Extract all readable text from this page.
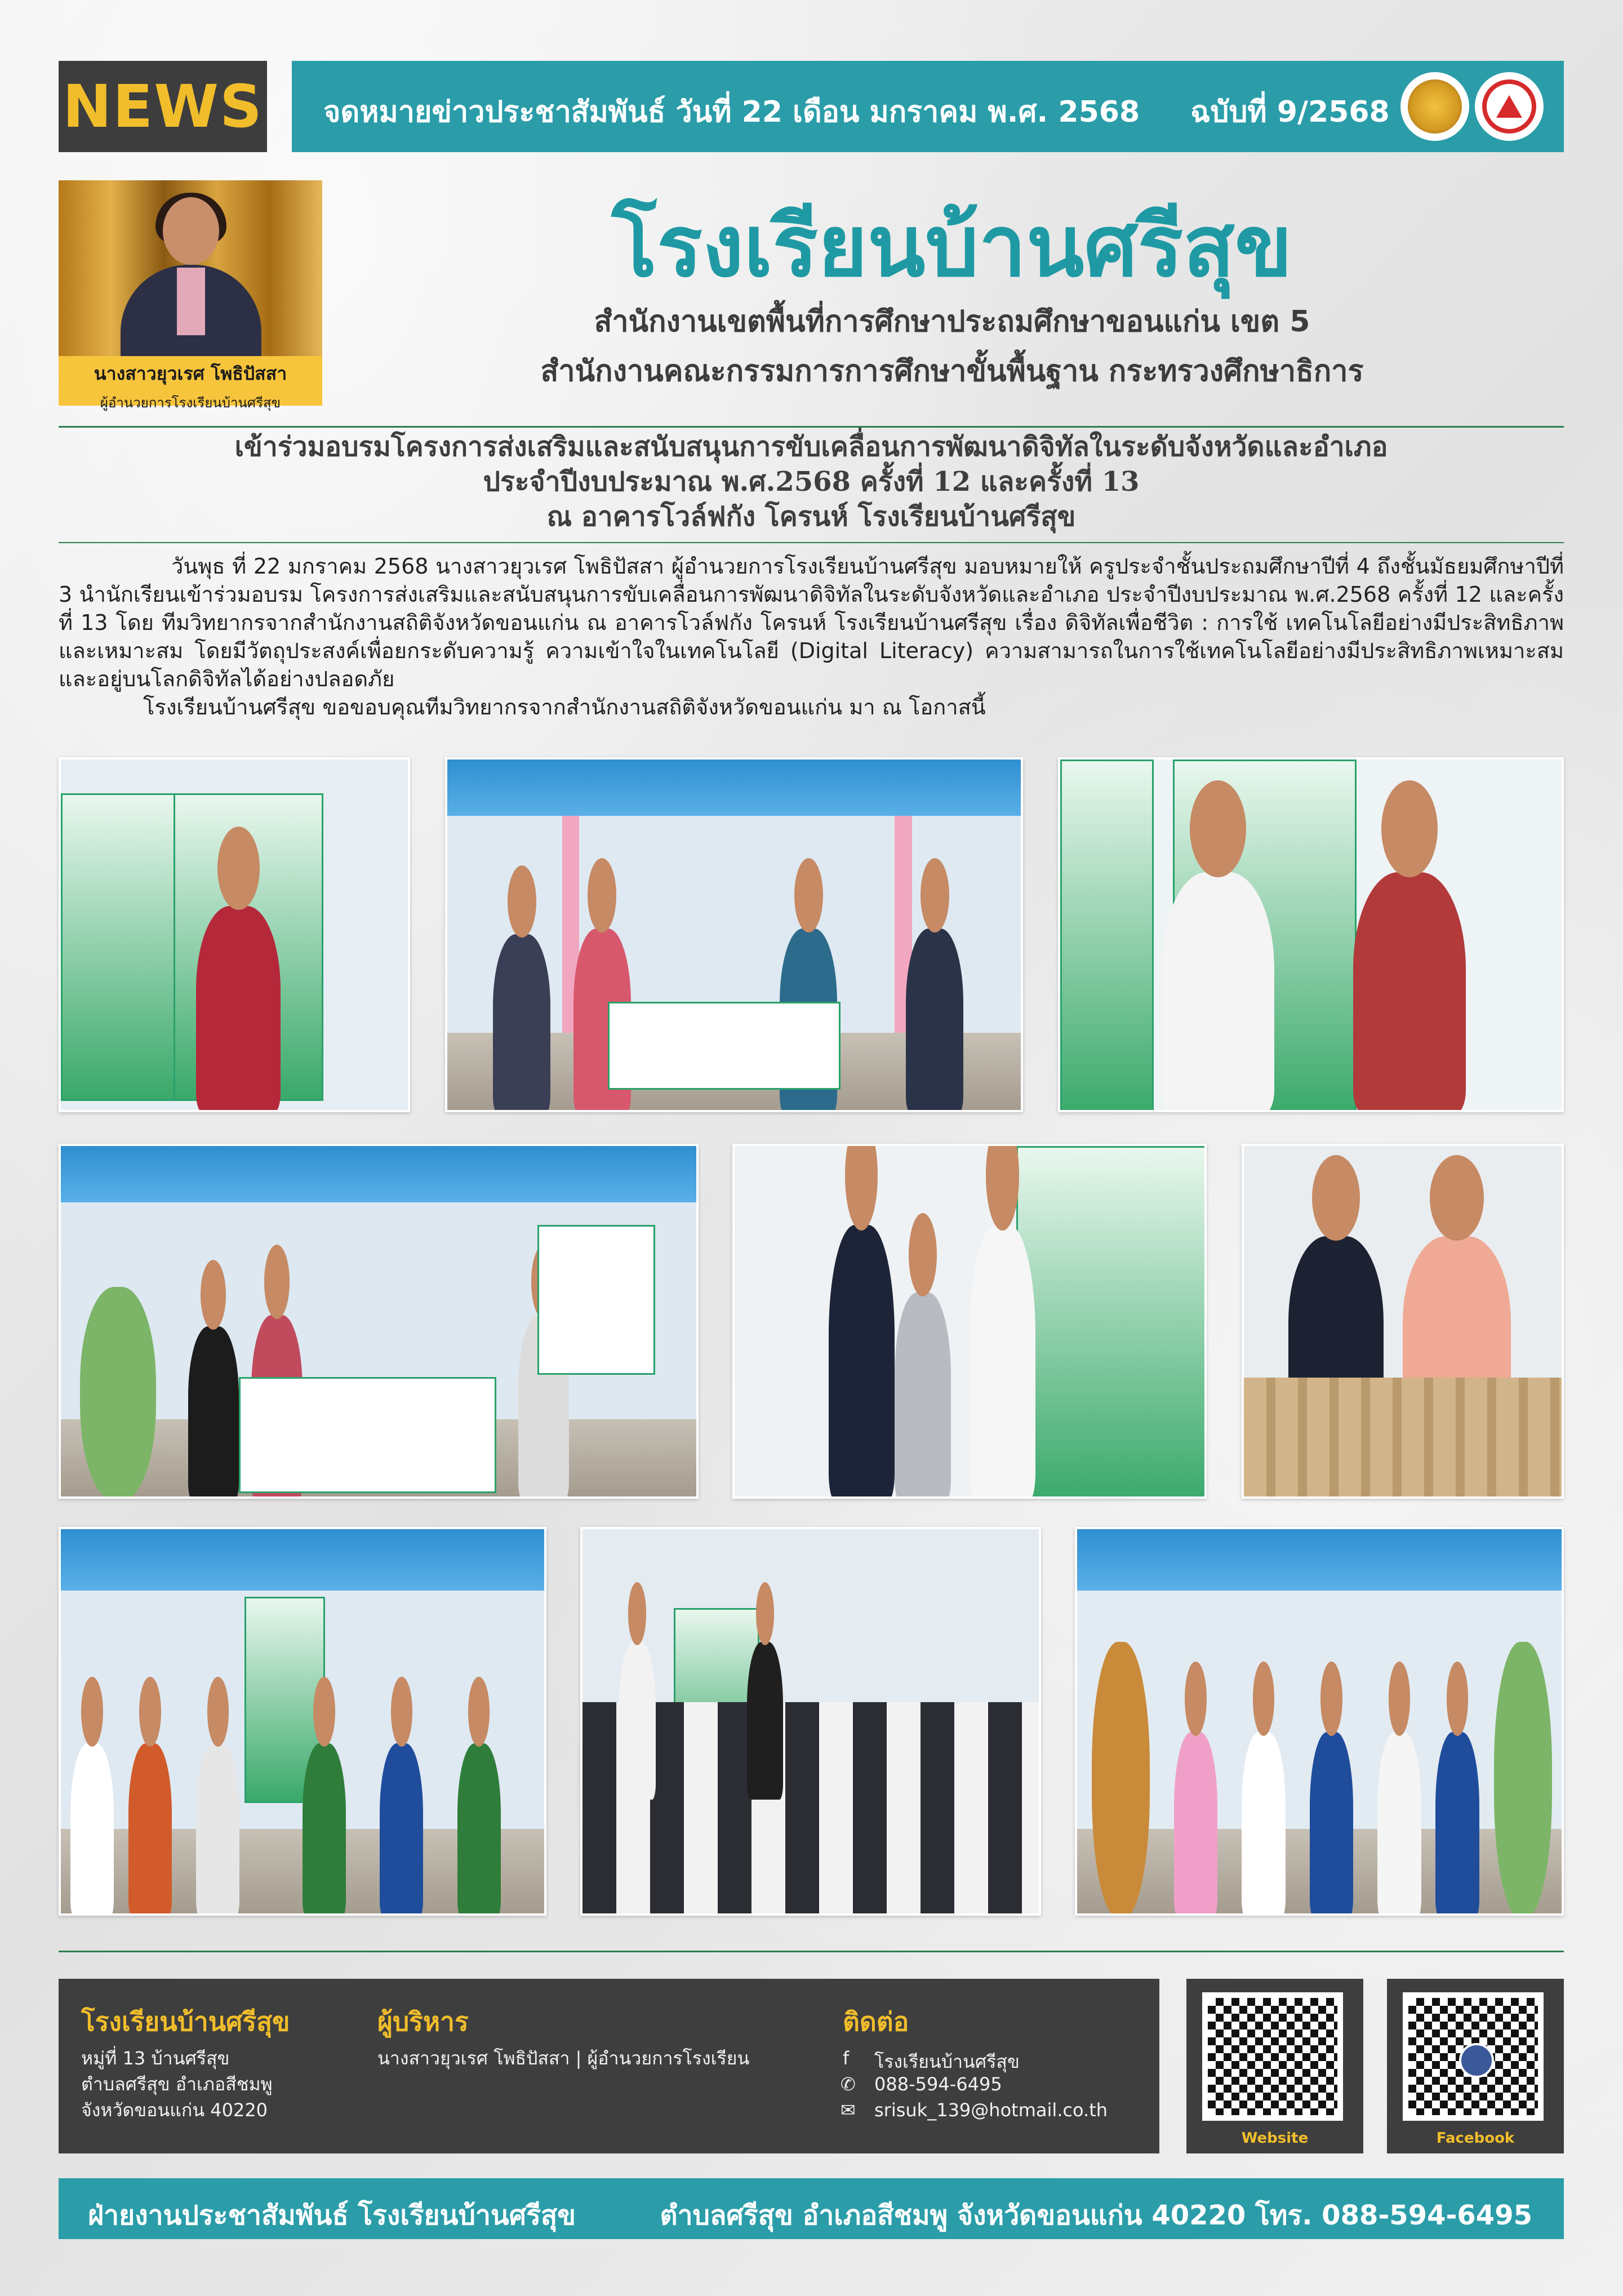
NEWS จดหมายข่าวประชาสัมพันธ์ วันที่ 22 เดือน มกราคม พ.ศ. 2568 ฉบับที่ 9/2568
นางสาวยุวเรศ โพธิปัสสา
ผู้อำนวยการโรงเรียนบ้านศรีสุข
โรงเรียนบ้านศรีสุข
สำนักงานเขตพื้นที่การศึกษาประถมศึกษาขอนแก่น เขต 5
สำนักงานคณะกรรมการการศึกษาขั้นพื้นฐาน กระทรวงศึกษาธิการ
เข้าร่วมอบรมโครงการส่งเสริมและสนับสนุนการขับเคลื่อนการพัฒนาดิจิทัลในระดับจังหวัดและอำเภอ
ประจำปีงบประมาณ พ.ศ.2568 ครั้งที่ 12 และครั้งที่ 13
ณ อาคารโวล์ฟกัง โครนห์ โรงเรียนบ้านศรีสุข

วันพุธ ที่ 22 มกราคม 2568 นางสาวยุวเรศ โพธิปัสสา ผู้อำนวยการโรงเรียนบ้านศรีสุข มอบหมายให้ ครูประจำชั้นประถมศึกษาปีที่ 4 ถึงชั้นมัธยมศึกษาปีที่ 3 นำนักเรียนเข้าร่วมอบรม โครงการส่งเสริมและสนับสนุนการขับเคลื่อนการพัฒนาดิจิทัลในระดับจังหวัดและอำเภอ ประจำปีงบประมาณ พ.ศ.2568 ครั้งที่ 12 และครั้งที่ 13 โดย ทีมวิทยากรจากสำนักงานสถิติจังหวัดขอนแก่น ณ อาคารโวล์ฟกัง โครนห์ โรงเรียนบ้านศรีสุข เรื่อง ดิจิทัลเพื่อชีวิต : การใช้ เทคโนโลยีอย่างมีประสิทธิภาพและเหมาะสม โดยมีวัตถุประสงค์เพื่อยกระดับความรู้ ความเข้าใจในเทคโนโลยี (Digital Literacy) ความสามารถในการใช้เทคโนโลยีอย่างมีประสิทธิภาพเหมาะสม และอยู่บนโลกดิจิทัลได้อย่างปลอดภัย

โรงเรียนบ้านศรีสุข ขอขอบคุณทีมวิทยากรจากสำนักงานสถิติจังหวัดขอนแก่น มา ณ โอกาสนี้

โรงเรียนบ้านศรีสุข
หมู่ที่ 13 บ้านศรีสุข
ตำบลศรีสุข อำเภอสีชมพู
จังหวัดขอนแก่น 40220
ผู้บริหาร
นางสาวยุวเรศ โพธิปัสสา | ผู้อำนวยการโรงเรียน
ติดต่อ
f โรงเรียนบ้านศรีสุข
✆ 088-594-6495
✉ srisuk_139@hotmail.co.th
Website	Facebook
ฝ่ายงานประชาสัมพันธ์ โรงเรียนบ้านศรีสุข	ตำบลศรีสุข อำเภอสีชมพู จังหวัดขอนแก่น 40220 โทร. 088-594-6495
